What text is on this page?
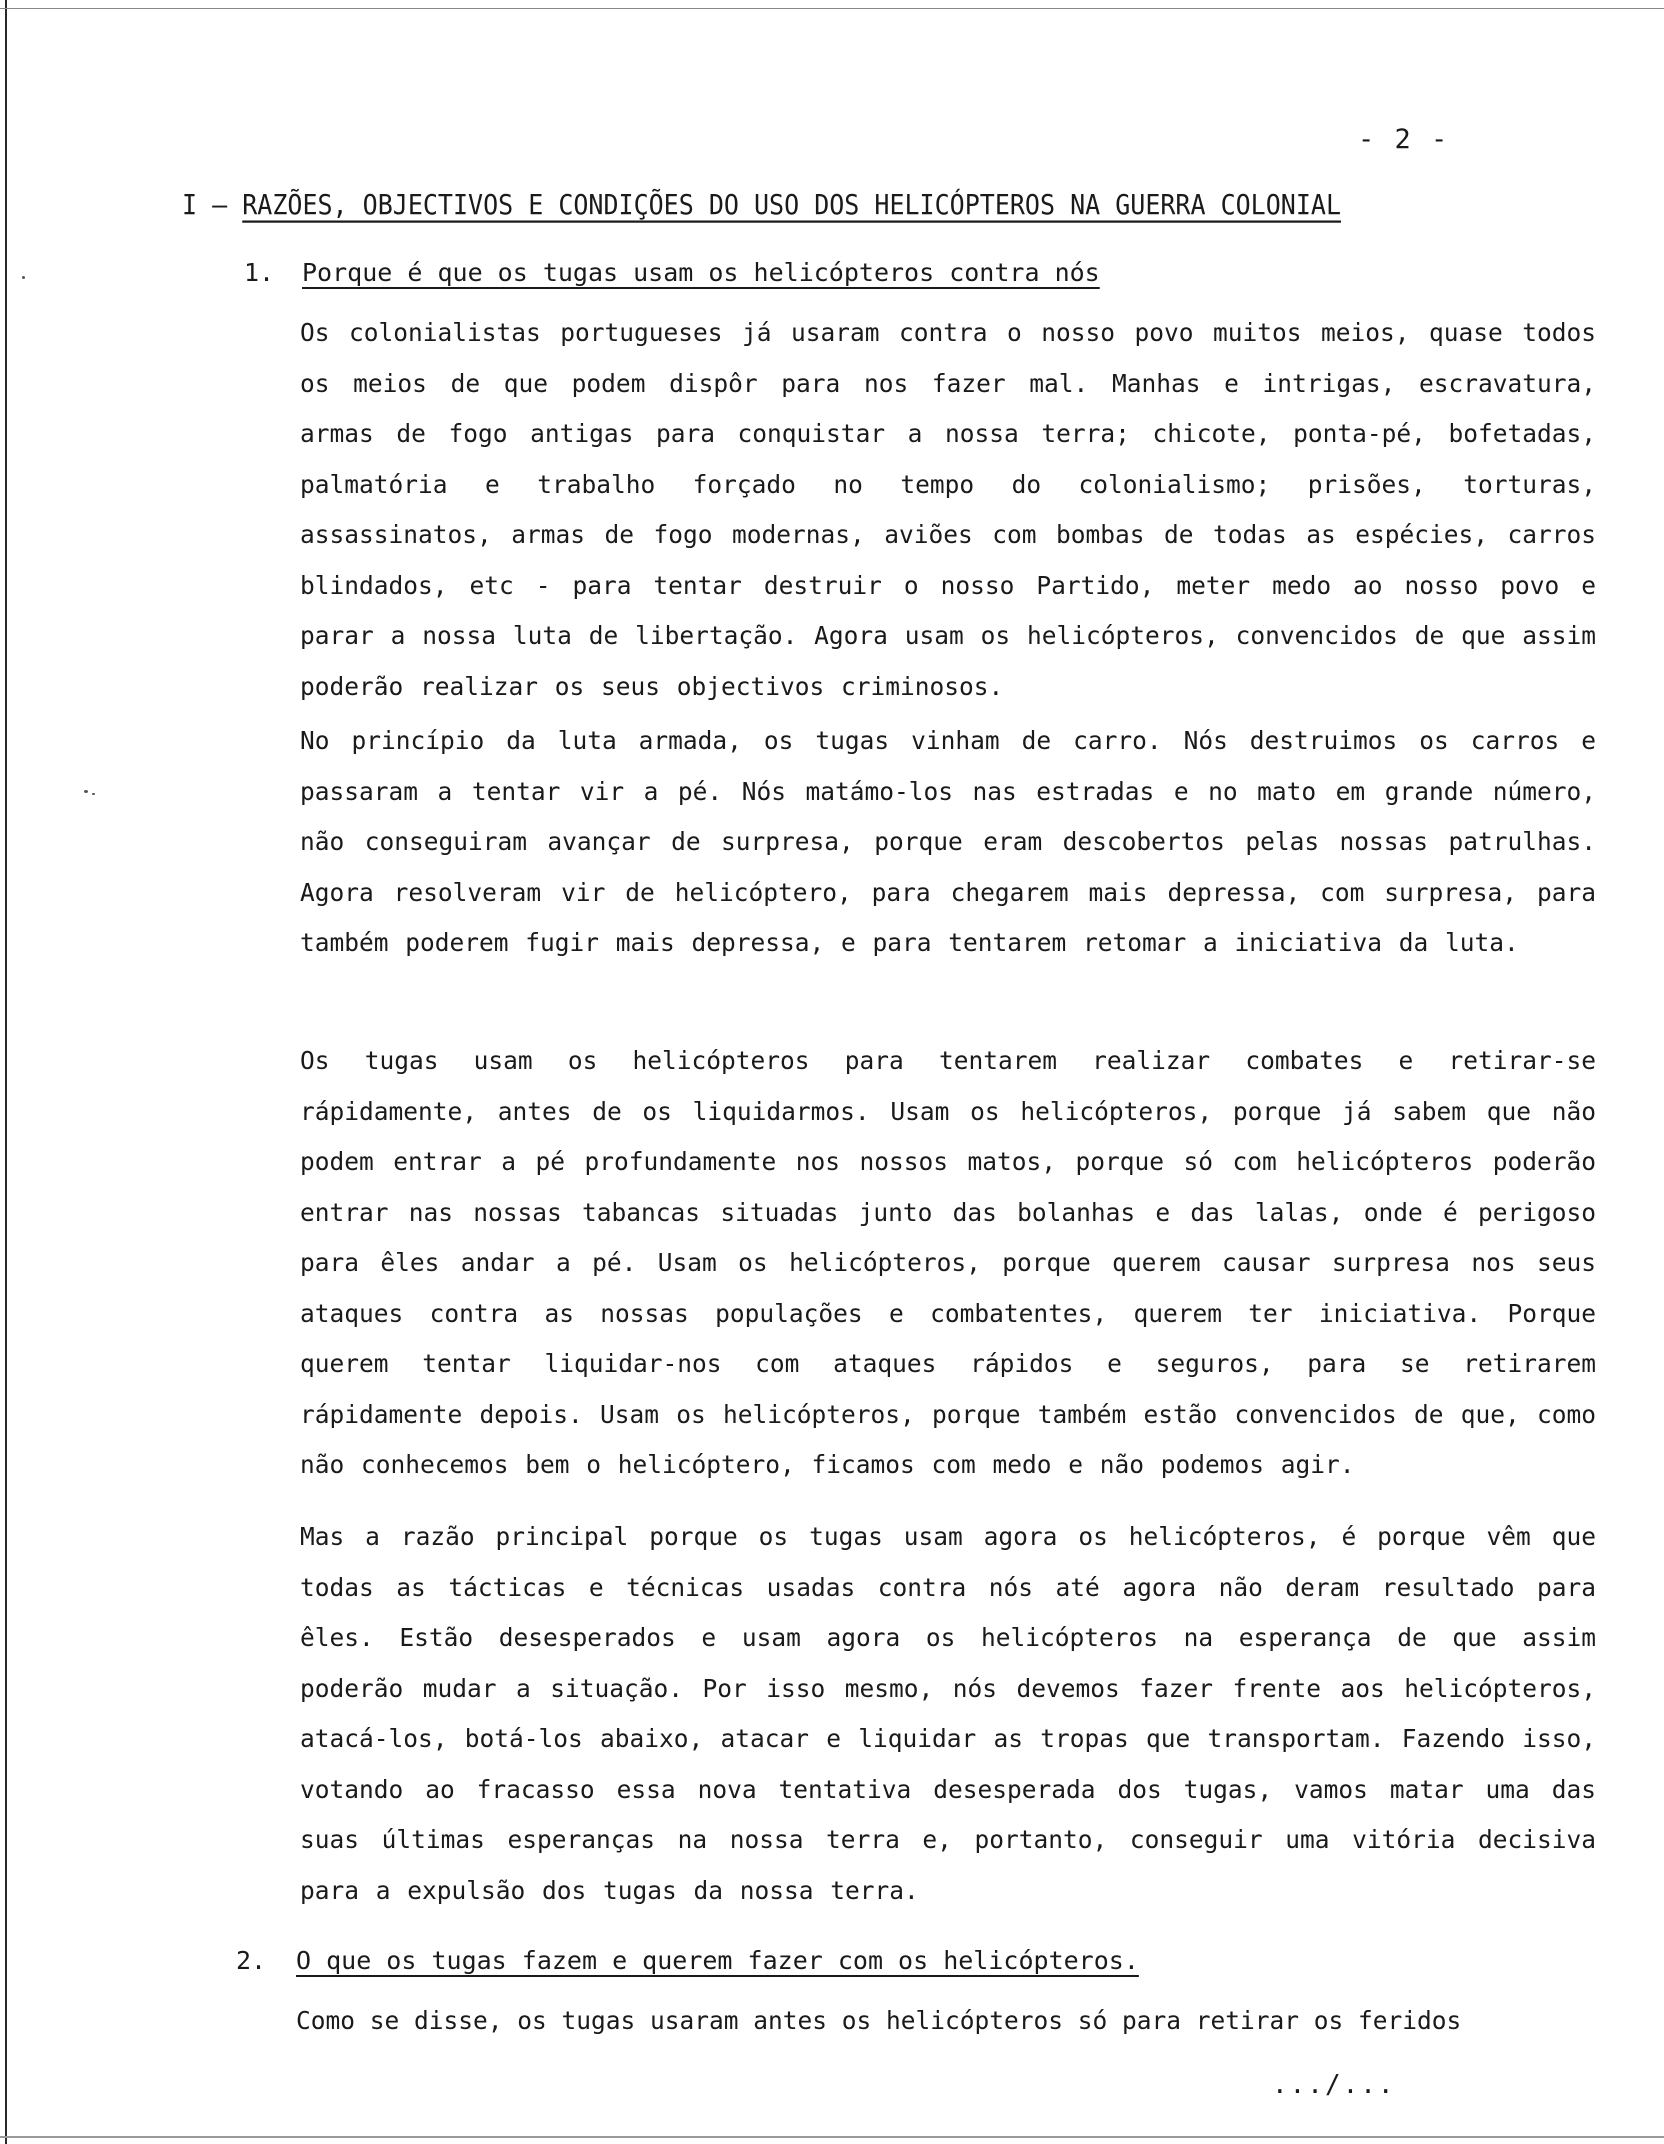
- 2 -
I – RAZÕES, OBJECTIVOS E CONDIÇÕES DO USO DOS HELICÓPTEROS NA GUERRA COLONIAL
1. Porque é que os tugas usam os helicópteros contra nós

Os colonialistas portugueses já usaram contra o nosso povo muitos meios, quase todos os meios de que podem dispôr para nos fazer mal. Manhas e intrigas, escravatura, armas de fogo antigas para conquistar a nossa terra; chicote, ponta-pé, bofetadas, palmatória e trabalho forçado no tempo do colonialismo; prisões, torturas, assassinatos, armas de fogo modernas, aviões com bombas de todas as espécies, carros blindados, etc - para tentar destruir o nosso Partido, meter medo ao nosso povo e parar a nossa luta de libertação. Agora usam os helicópteros, convencidos de que assim poderão realizar os seus objectivos criminosos.

No princípio da luta armada, os tugas vinham de carro. Nós destruimos os carros e passaram a tentar vir a pé. Nós matámo-los nas estradas e no mato em grande número, não conseguiram avançar de surpresa, porque eram descobertos pelas nossas patrulhas. Agora resolveram vir de helicóptero, para chegarem mais depressa, com surpresa, para também poderem fugir mais depressa, e para tentarem retomar a iniciativa da luta.

Os tugas usam os helicópteros para tentarem realizar combates e retirar-se rápidamente, antes de os liquidarmos. Usam os helicópteros, porque já sabem que não podem entrar a pé profundamente nos nossos matos, porque só com helicópteros poderão entrar nas nossas tabancas situadas junto das bolanhas e das lalas, onde é perigoso para êles andar a pé. Usam os helicópteros, porque querem causar surpresa nos seus ataques contra as nossas populações e combatentes, querem ter iniciativa. Porque querem tentar liquidar-nos com ataques rápidos e seguros, para se retirarem rápidamente depois. Usam os helicópteros, porque também estão convencidos de que, como não conhecemos bem o helicóptero, ficamos com medo e não podemos agir.

Mas a razão principal porque os tugas usam agora os helicópteros, é porque vêm que todas as tácticas e técnicas usadas contra nós até agora não deram resultado para êles. Estão desesperados e usam agora os helicópteros na esperança de que assim poderão mudar a situação. Por isso mesmo, nós devemos fazer frente aos helicópteros, atacá-los, botá-los abaixo, atacar e liquidar as tropas que transportam. Fazendo isso, votando ao fracasso essa nova tentativa desesperada dos tugas, vamos matar uma das suas últimas esperanças na nossa terra e, portanto, conseguir uma vitória decisiva para a expulsão dos tugas da nossa terra.

2. O que os tugas fazem e querem fazer com os helicópteros.

Como se disse, os tugas usaram antes os helicópteros só para retirar os feridos

.../...
